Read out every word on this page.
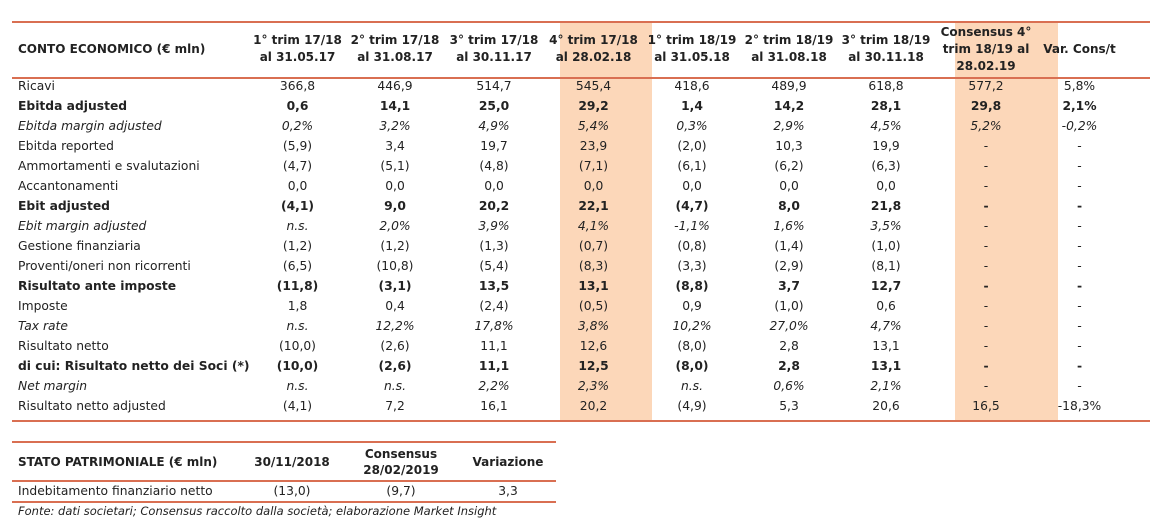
CONTO ECONOMICO (€ mln)	1° trim 17/18 al 31.05.17	2° trim 17/18 al 31.08.17	3° trim 17/18 al 30.11.17	4° trim 17/18 al 28.02.18	1° trim 18/19 al 31.05.18	2° trim 18/19 al 31.08.18	3° trim 18/19 al 30.11.18	Consensus 4° trim 18/19 al 28.02.19	Var. Cons/t
Ricavi	366,8	446,9	514,7	545,4	418,6	489,9	618,8	577,2	5,8%
Ebitda adjusted	0,6	14,1	25,0	29,2	1,4	14,2	28,1	29,8	2,1%
Ebitda margin adjusted	0,2%	3,2%	4,9%	5,4%	0,3%	2,9%	4,5%	5,2%	-0,2%
Ebitda reported	(5,9)	3,4	19,7	23,9	(2,0)	10,3	19,9	-	-
Ammortamenti e svalutazioni	(4,7)	(5,1)	(4,8)	(7,1)	(6,1)	(6,2)	(6,3)	-	-
Accantonamenti	0,0	0,0	0,0	0,0	0,0	0,0	0,0	-	-
Ebit adjusted	(4,1)	9,0	20,2	22,1	(4,7)	8,0	21,8	-	-
Ebit margin adjusted	n.s.	2,0%	3,9%	4,1%	-1,1%	1,6%	3,5%	-	-
Gestione finanziaria	(1,2)	(1,2)	(1,3)	(0,7)	(0,8)	(1,4)	(1,0)	-	-
Proventi/oneri non ricorrenti	(6,5)	(10,8)	(5,4)	(8,3)	(3,3)	(2,9)	(8,1)	-	-
Risultato ante imposte	(11,8)	(3,1)	13,5	13,1	(8,8)	3,7	12,7	-	-
Imposte	1,8	0,4	(2,4)	(0,5)	0,9	(1,0)	0,6	-	-
Tax rate	n.s.	12,2%	17,8%	3,8%	10,2%	27,0%	4,7%	-	-
Risultato netto	(10,0)	(2,6)	11,1	12,6	(8,0)	2,8	13,1	-	-
di cui: Risultato netto dei Soci (*)	(10,0)	(2,6)	11,1	12,5	(8,0)	2,8	13,1	-	-
Net margin	n.s.	n.s.	2,2%	2,3%	n.s.	0,6%	2,1%	-	-
Risultato netto adjusted	(4,1)	7,2	16,1	20,2	(4,9)	5,3	20,6	16,5	-18,3%
STATO PATRIMONIALE (€ mln)	30/11/2018	Consensus 28/02/2019	Variazione
Indebitamento finanziario netto	(13,0)	(9,7)	3,3
Fonte: dati societari; Consensus raccolto dalla società; elaborazione Market Insight
